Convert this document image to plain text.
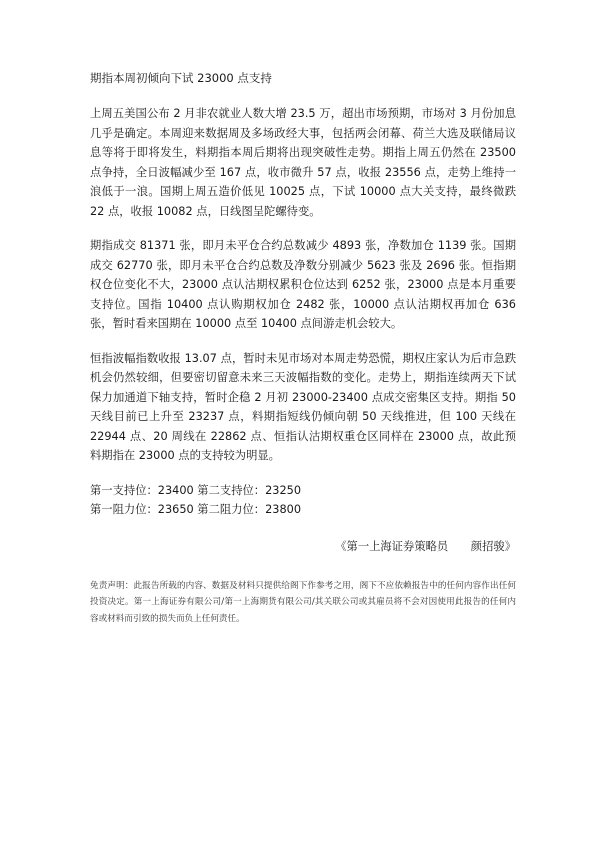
期指本周初倾向下试 23000 点支持

上周五美国公布 2 月非农就业人数大增 23.5 万，超出市场预期，市场对 3 月份加息几乎是确定。本周迎来数据周及多场政经大事，包括两会闭幕、荷兰大选及联储局议息等将于即将发生，料期指本周后期将出现突破性走势。期指上周五仍然在 23500 点争持，全日波幅减少至 167 点，收市微升 57 点，收报 23556 点，走势上维持一浪低于一浪。国期上周五造价低见 10025 点，下试 10000 点大关支持，最终微跌 22 点，收报 10082 点，日线图呈陀螺待变。

期指成交 81371 张，即月未平仓合约总数减少 4893 张，净数加仓 1139 张。国期成交 62770 张，即月未平仓合约总数及净数分别减少 5623 张及 2696 张。恒指期权仓位变化不大，23000 点认沽期权累积仓位达到 6252 张，23000 点是本月重要支持位。国指 10400 点认购期权加仓 2482 张，10000 点认沽期权再加仓 636 张，暂时看来国期在 10000 点至 10400 点间游走机会较大。

恒指波幅指数收报 13.07 点，暂时未见市场对本周走势恐慌，期权庄家认为后市急跌机会仍然较细，但要密切留意未来三天波幅指数的变化。走势上，期指连续两天下试保力加通道下轴支持，暂时企稳 2 月初 23000-23400 点成交密集区支持。期指 50 天线目前已上升至 23237 点，料期指短线仍倾向朝 50 天线推进，但 100 天线在 22944 点、20 周线在 22862 点、恒指认沽期权重仓区同样在 23000 点，故此预料期指在 23000 点的支持较为明显。

第一支持位：23400 第二支持位：23250
第一阻力位：23650 第二阻力位：23800
《第一上海证券策略员　　颜招骏》

免责声明：此报告所载的内容、数据及材料只提供给阁下作参考之用，阁下不应依赖报告中的任何内容作出任何投资决定。第一上海证券有限公司/第一上海期货有限公司/其关联公司或其雇员将不会对因使用此报告的任何内容或材料而引致的损失而负上任何责任。
